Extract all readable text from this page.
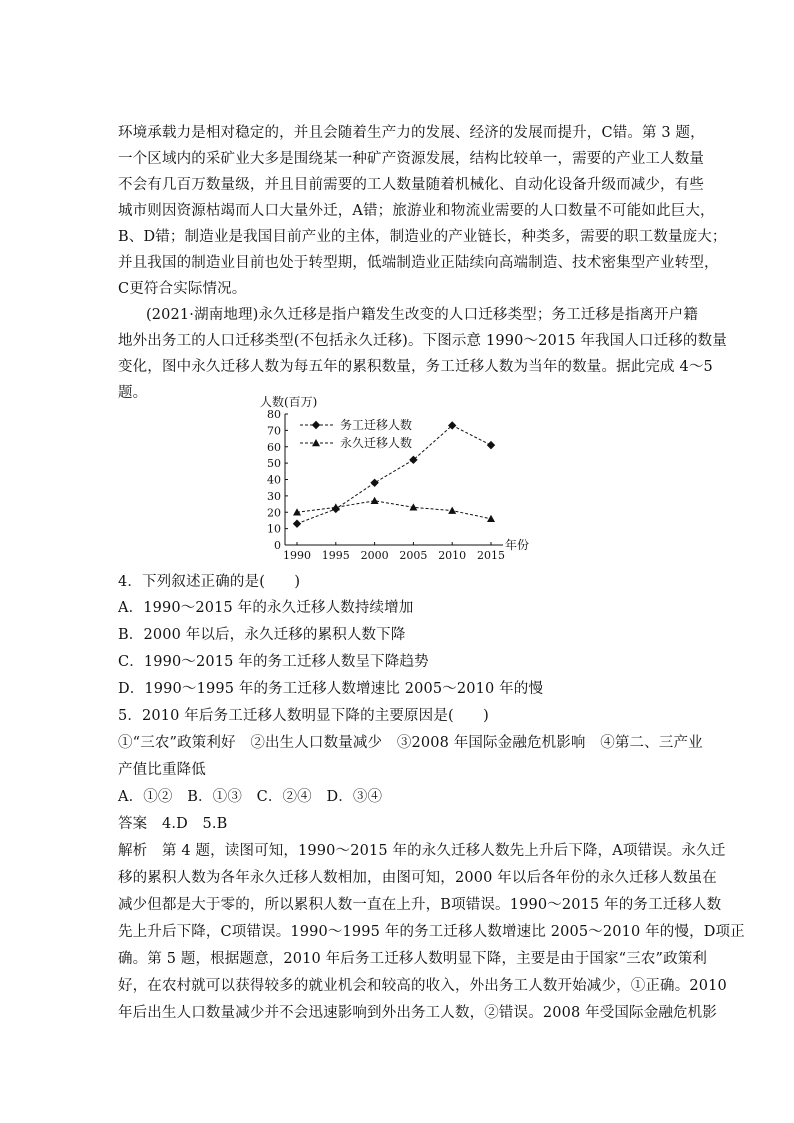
环境承载力是相对稳定的，并且会随着生产力的发展、经济的发展而提升，C错。第 3 题，
一个区域内的采矿业大多是围绕某一种矿产资源发展，结构比较单一，需要的产业工人数量
不会有几百万数量级，并且目前需要的工人数量随着机械化、自动化设备升级而减少，有些
城市则因资源枯竭而人口大量外迁，A错；旅游业和物流业需要的人口数量不可能如此巨大，
B、D错；制造业是我国目前产业的主体，制造业的产业链长，种类多，需要的职工数量庞大；
并且我国的制造业目前也处于转型期，低端制造业正陆续向高端制造、技术密集型产业转型，
C更符合实际情况。
(2021·湖南地理)永久迁移是指户籍发生改变的人口迁移类型；务工迁移是指离开户籍
地外出务工的人口迁移类型(不包括永久迁移)。下图示意 1990～2015 年我国人口迁移的数量
变化，图中永久迁移人数为每五年的累积数量，务工迁移人数为当年的数量。据此完成 4～5
题。
人数(百万)
年份
0
10
20
30
40
50
60
70
80
1990 1995 2000 2005 2010 2015
务工迁移人数
永久迁移人数
4．下列叙述正确的是(　　)
A．1990～2015 年的永久迁移人数持续增加
B．2000 年以后，永久迁移的累积人数下降
C．1990～2015 年的务工迁移人数呈下降趋势
D．1990～1995 年的务工迁移人数增速比 2005～2010 年的慢
5．2010 年后务工迁移人数明显下降的主要原因是(　　)
①“三农”政策利好　②出生人口数量减少　③2008 年国际金融危机影响　④第二、三产业
产值比重降低
A．①②　B．①③　C．②④　D．③④
答案　4.D　5.B
解析　第 4 题，读图可知，1990～2015 年的永久迁移人数先上升后下降，A项错误。永久迁
移的累积人数为各年永久迁移人数相加，由图可知，2000 年以后各年份的永久迁移人数虽在
减少但都是大于零的，所以累积人数一直在上升，B项错误。1990～2015 年的务工迁移人数
先上升后下降，C项错误。1990～1995 年的务工迁移人数增速比 2005～2010 年的慢，D项正
确。第 5 题，根据题意，2010 年后务工迁移人数明显下降，主要是由于国家“三农”政策利
好，在农村就可以获得较多的就业机会和较高的收入，外出务工人数开始减少，①正确。2010
年后出生人口数量减少并不会迅速影响到外出务工人数，②错误。2008 年受国际金融危机影
